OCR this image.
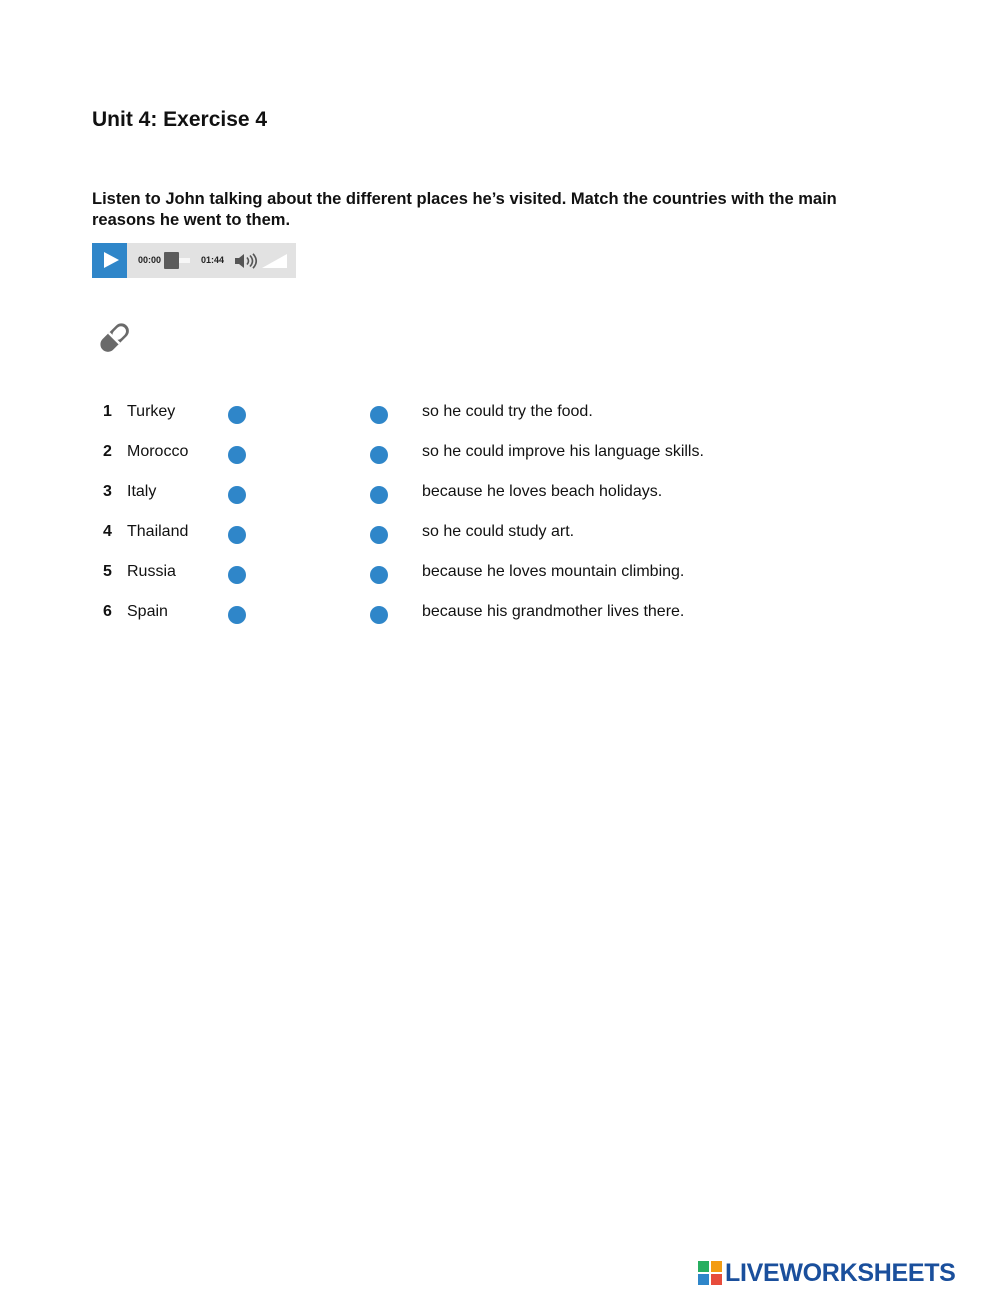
Unit 4: Exercise 4

Listen to John talking about the different places he’s visited. Match the countries with the main reasons he went to them.

00:00	01:44
1 Turkey	so he could try the food.
2 Morocco	so he could improve his language skills.
3 Italy	because he loves beach holidays.
4 Thailand	so he could study art.
5 Russia	because he loves mountain climbing.
6 Spain	because his grandmother lives there.
LIVEWORKSHEETS
